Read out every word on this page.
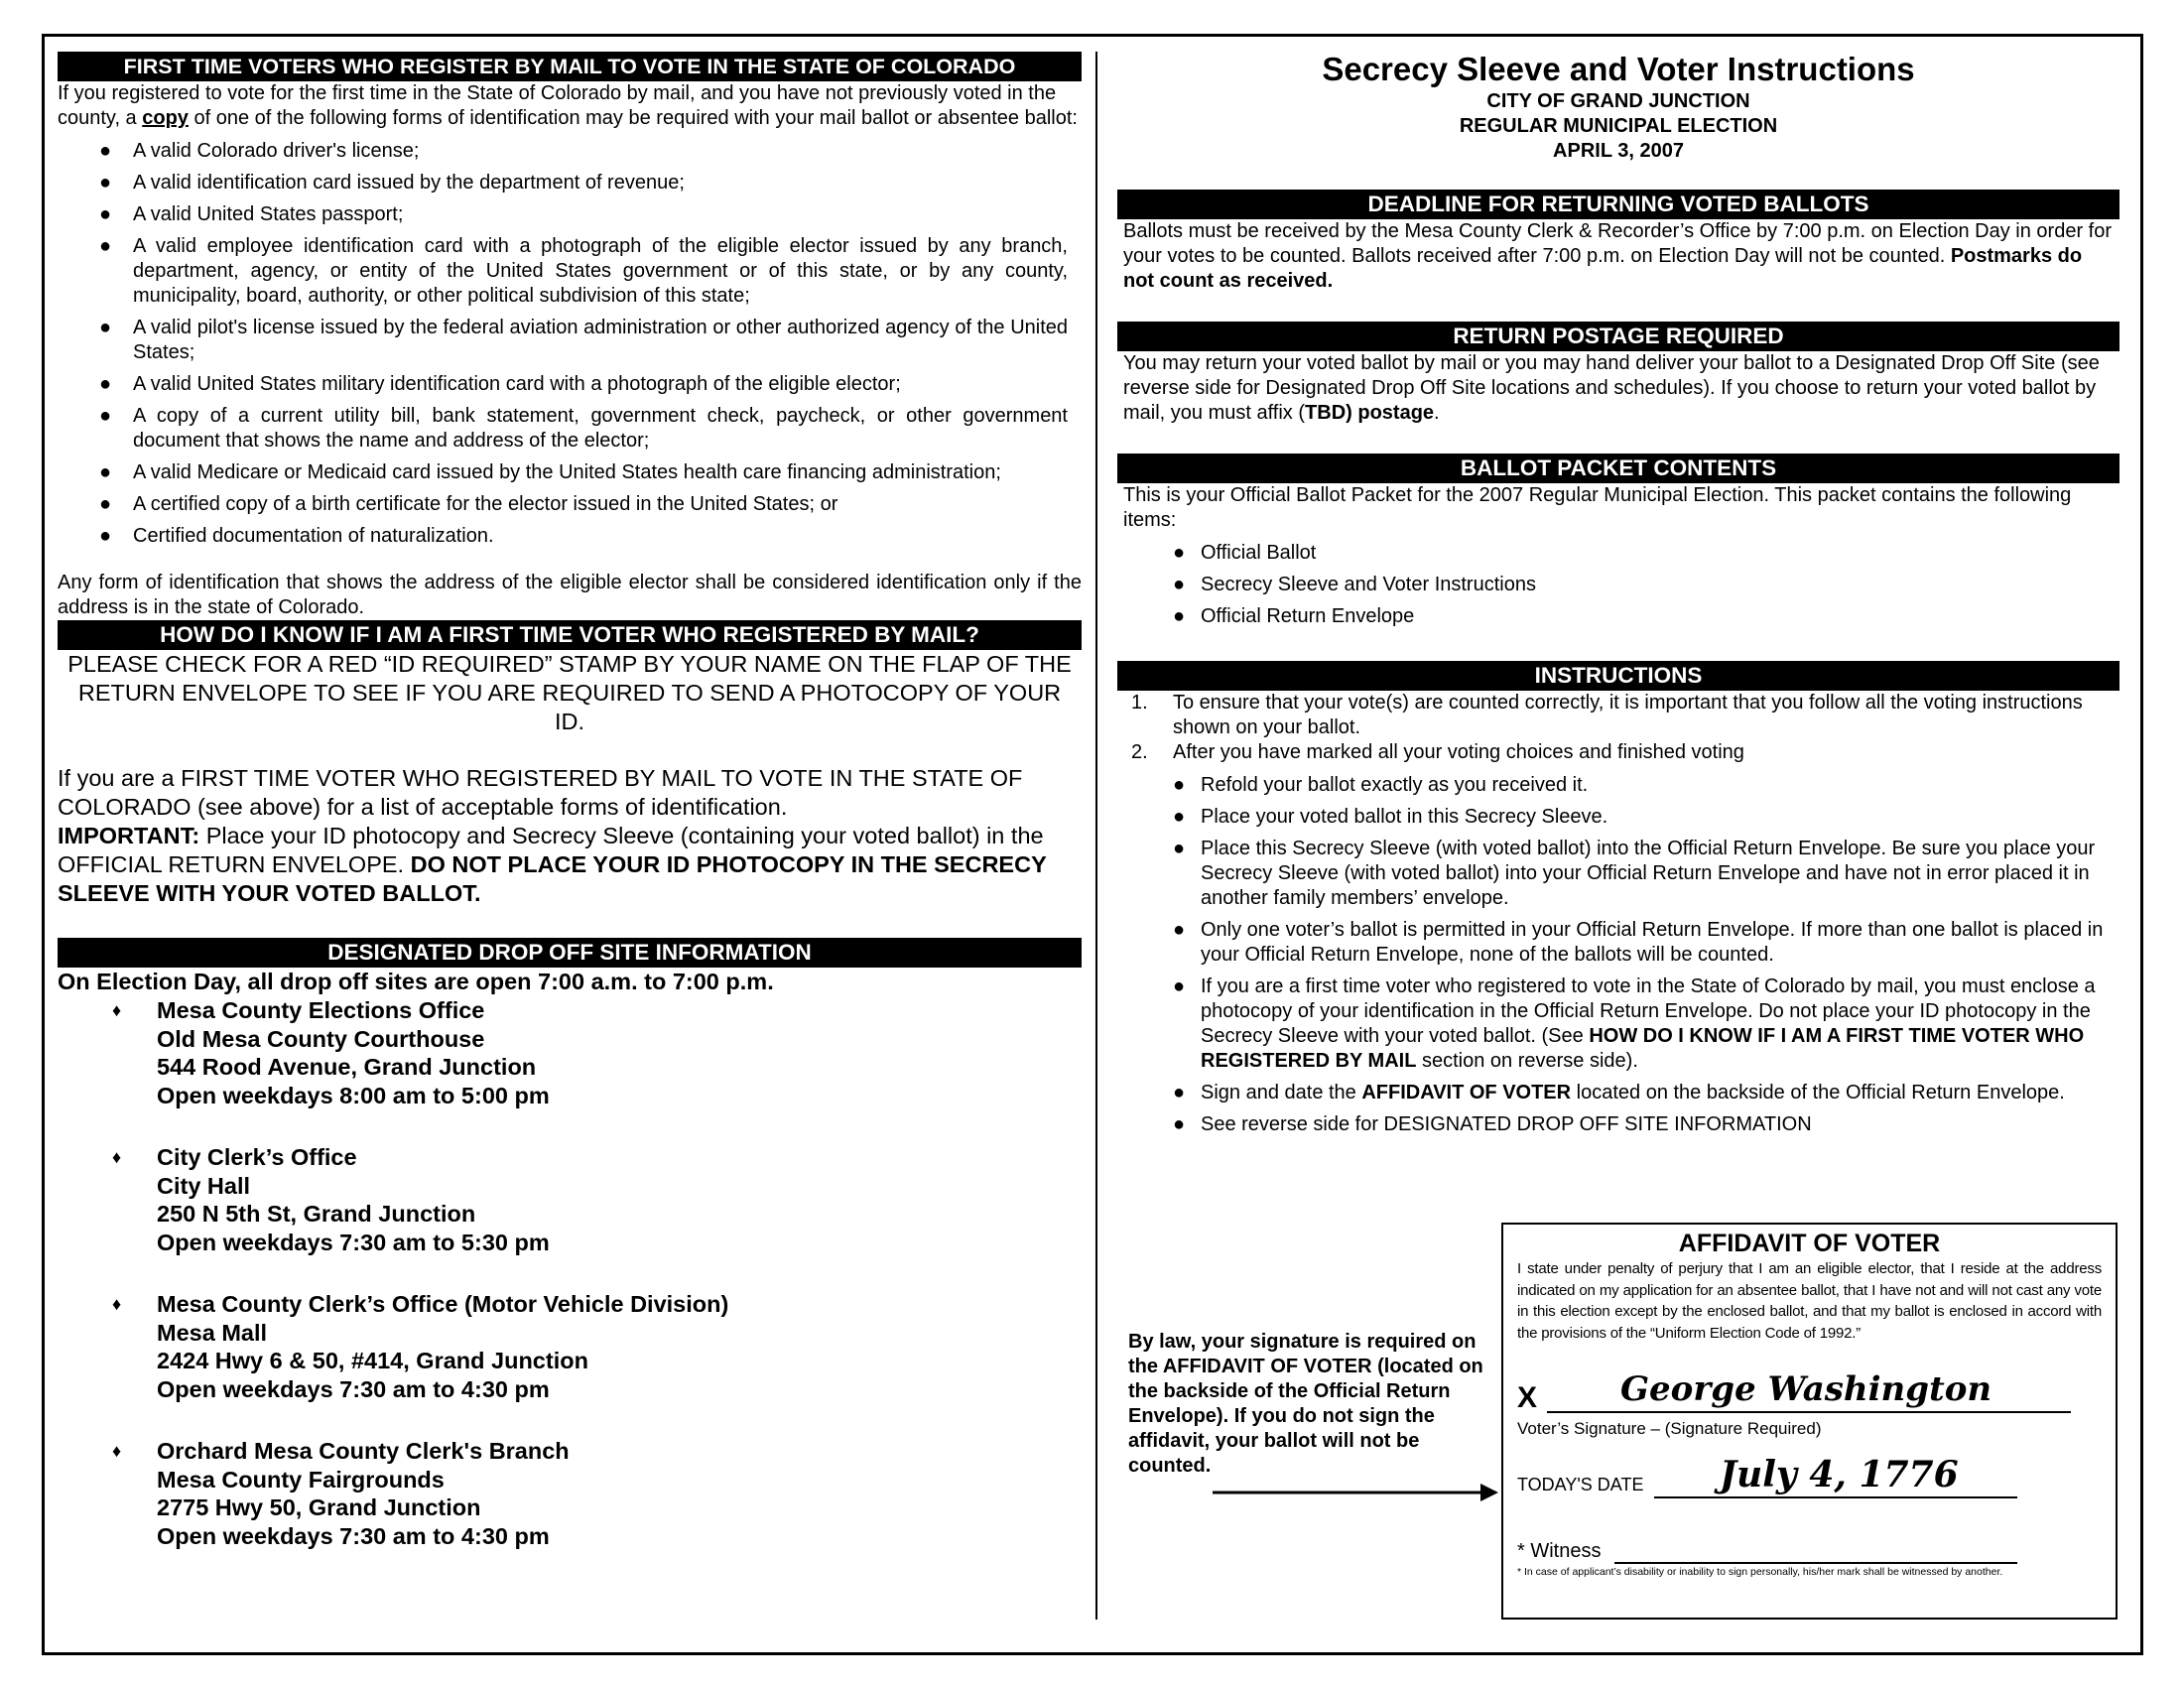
FIRST TIME VOTERS WHO REGISTER BY MAIL TO VOTE IN THE STATE OF COLORADO
If you registered to vote for the first time in the State of Colorado by mail, and you have not previously voted in the county, a copy of one of the following forms of identification may be required with your mail ballot or absentee ballot:
● A valid Colorado driver's license;
● A valid identification card issued by the department of revenue;
● A valid United States passport;
● A valid employee identification card with a photograph of the eligible elector issued by any branch, department, agency, or entity of the United States government or of this state, or by any county, municipality, board, authority, or other political subdivision of this state;
● A valid pilot's license issued by the federal aviation administration or other authorized agency of the United States;
● A valid United States military identification card with a photograph of the eligible elector;
● A copy of a current utility bill, bank statement, government check, paycheck, or other government document that shows the name and address of the elector;
● A valid Medicare or Medicaid card issued by the United States health care financing administration;
● A certified copy of a birth certificate for the elector issued in the United States; or
● Certified documentation of naturalization.
Any form of identification that shows the address of the eligible elector shall be considered identification only if the address is in the state of Colorado.
HOW DO I KNOW IF I AM A FIRST TIME VOTER WHO REGISTERED BY MAIL?
PLEASE CHECK FOR A RED “ID REQUIRED” STAMP BY YOUR NAME ON THE FLAP OF THE RETURN ENVELOPE TO SEE IF YOU ARE REQUIRED TO SEND A PHOTOCOPY OF YOUR ID.
If you are a FIRST TIME VOTER WHO REGISTERED BY MAIL TO VOTE IN THE STATE OF COLORADO (see above) for a list of acceptable forms of identification.
IMPORTANT: Place your ID photocopy and Secrecy Sleeve (containing your voted ballot) in the OFFICIAL RETURN ENVELOPE. DO NOT PLACE YOUR ID PHOTOCOPY IN THE SECRECY SLEEVE WITH YOUR VOTED BALLOT.
DESIGNATED DROP OFF SITE INFORMATION
On Election Day, all drop off sites are open 7:00 a.m. to 7:00 p.m.
♦ Mesa County Elections Office
Old Mesa County Courthouse
544 Rood Avenue, Grand Junction
Open weekdays 8:00 am to 5:00 pm
♦ City Clerk’s Office
City Hall
250 N 5th St, Grand Junction
Open weekdays 7:30 am to 5:30 pm
♦ Mesa County Clerk’s Office (Motor Vehicle Division)
Mesa Mall
2424 Hwy 6 & 50, #414, Grand Junction
Open weekdays 7:30 am to 4:30 pm
♦ Orchard Mesa County Clerk's Branch
Mesa County Fairgrounds
2775 Hwy 50, Grand Junction
Open weekdays 7:30 am to 4:30 pm
Secrecy Sleeve and Voter Instructions
CITY OF GRAND JUNCTION
REGULAR MUNICIPAL ELECTION
APRIL 3, 2007
DEADLINE FOR RETURNING VOTED BALLOTS
Ballots must be received by the Mesa County Clerk & Recorder’s Office by 7:00 p.m. on Election Day in order for your votes to be counted. Ballots received after 7:00 p.m. on Election Day will not be counted. Postmarks do not count as received.
RETURN POSTAGE REQUIRED
You may return your voted ballot by mail or you may hand deliver your ballot to a Designated Drop Off Site (see reverse side for Designated Drop Off Site locations and schedules). If you choose to return your voted ballot by mail, you must affix (TBD) postage.
BALLOT PACKET CONTENTS
This is your Official Ballot Packet for the 2007 Regular Municipal Election. This packet contains the following items:
● Official Ballot
● Secrecy Sleeve and Voter Instructions
● Official Return Envelope
INSTRUCTIONS
1. To ensure that your vote(s) are counted correctly, it is important that you follow all the voting instructions shown on your ballot.
2. After you have marked all your voting choices and finished voting
● Refold your ballot exactly as you received it.
● Place your voted ballot in this Secrecy Sleeve.
● Place this Secrecy Sleeve (with voted ballot) into the Official Return Envelope. Be sure you place your Secrecy Sleeve (with voted ballot) into your Official Return Envelope and have not in error placed it in another family members’ envelope.
● Only one voter’s ballot is permitted in your Official Return Envelope. If more than one ballot is placed in your Official Return Envelope, none of the ballots will be counted.
● If you are a first time voter who registered to vote in the State of Colorado by mail, you must enclose a photocopy of your identification in the Official Return Envelope. Do not place your ID photocopy in the Secrecy Sleeve with your voted ballot. (See HOW DO I KNOW IF I AM A FIRST TIME VOTER WHO REGISTERED BY MAIL section on reverse side).
● Sign and date the AFFIDAVIT OF VOTER located on the backside of the Official Return Envelope.
● See reverse side for DESIGNATED DROP OFF SITE INFORMATION
By law, your signature is required on the AFFIDAVIT OF VOTER (located on the backside of the Official Return Envelope). If you do not sign the affidavit, your ballot will not be counted.
AFFIDAVIT OF VOTER
I state under penalty of perjury that I am an eligible elector, that I reside at the address indicated on my application for an absentee ballot, that I have not and will not cast any vote in this election except by the enclosed ballot, and that my ballot is enclosed in accord with the provisions of the “Uniform Election Code of 1992.”
X George Washington
Voter’s Signature – (Signature Required)
TODAY'S DATE July 4, 1776
* Witness
* In case of applicant’s disability or inability to sign personally, his/her mark shall be witnessed by another.
